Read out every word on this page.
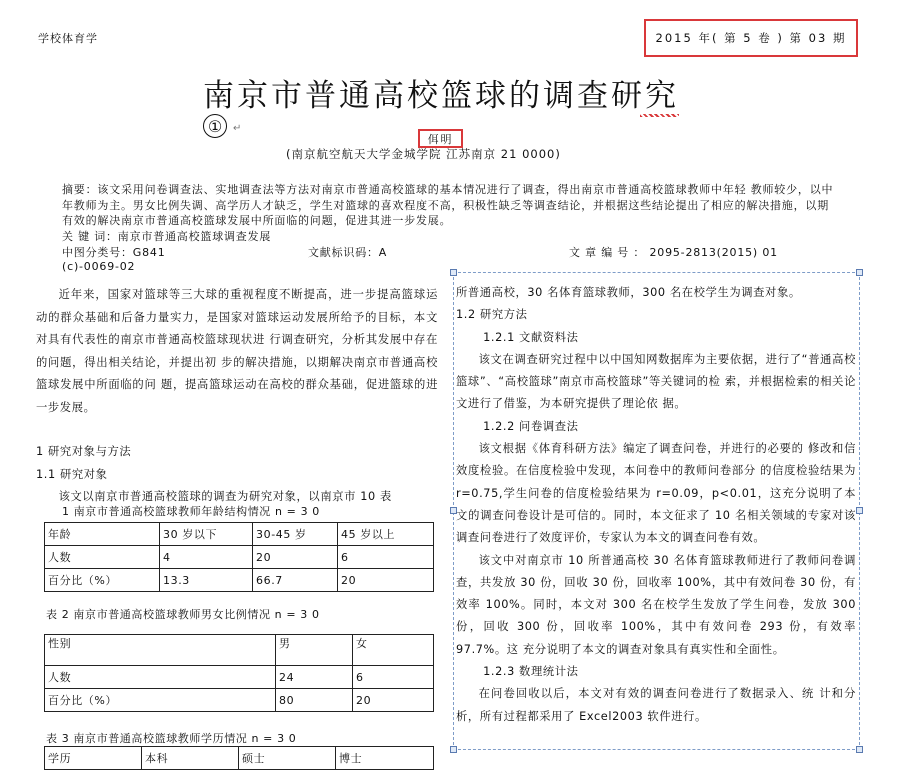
学校体育学	2015 年( 第 5 卷 ) 第 03 期
南京市普通高校篮球的调查研究
①	↵
佴明
(南京航空航天大学金城学院 江苏南京 21 0000)
摘要：该文采用问卷调查法、实地调查法等方法对南京市普通高校篮球的基本情况进行了调查，得出南京市普通高校篮球教师中年轻 教师较少，以中年教师为主。男女比例失调、高学历人才缺乏，学生对篮球的喜欢程度不高，积极性缺乏等调查结论，并根据这些结论提出了相应的解决措施，以期有效的解决南京市普通高校篮球发展中所面临的问题，促进其进一步发展。
关 键 词：南京市普通高校篮球调查发展
中图分类号：G841	文献标识码：A	文 章 编 号 ： 2095-2813(2015) 01
(c)-0069-02

近年来，国家对篮球等三大球的重视程度不断提高，进一步提高篮球运动的群众基础和后备力量实力，是国家对篮球运动发展所给予的目标，本文对具有代表性的南京市普通高校篮球现状进 行调查研究，分析其发展中存在的问题，得出相关结论，并提出初 步的解决措施，以期解决南京市普通高校篮球发展中所面临的问 题，提高篮球运动在高校的群众基础，促进篮球的进一步发展。

1 研究对象与方法

1.1 研究对象

该文以南京市普通高校篮球的调查为研究对象，以南京市 10 表

1 南京市普通高校篮球教师年龄结构情况 n = 3 0
年龄	30 岁以下	30-45 岁	45 岁以上
人数	4	20	6
百分比（%）	13.3	66.7	20
表 2 南京市普通高校篮球教师男女比例情况 n = 3 0
性别	男	女
人数	24	6
百分比（%）	80	20
表 3 南京市普通高校篮球教师学历情况 n = 3 0
学历	本科	硕士	博士

所普通高校，30 名体育篮球教师，300 名在校学生为调查对象。

1.2 研究方法

1.2.1 文献资料法

该文在调查研究过程中以中国知网数据库为主要依据，进行了“普通高校篮球”、“高校篮球”南京市高校篮球”等关键词的检 索，并根据检索的相关论文进行了借鉴，为本研究提供了理论依 据。

1.2.2 问卷调查法

该文根据《体育科研方法》编定了调查问卷，并进行的必要的 修改和信效度检验。在信度检验中发现，本问卷中的教师问卷部分 的信度检验结果为 r=0.75,学生问卷的信度检验结果为 r=0.09，p<0.01，这充分说明了本文的调查问卷设计是可信的。同时，本文征求了 10 名相关领域的专家对该调查问卷进行了效度评价，专家认为本文的调查问卷有效。

该文中对南京市 10 所普通高校 30 名体育篮球教师进行了教师问卷调查，共发放 30 份，回收 30 份，回收率 100%，其中有效问卷 30 份，有效率 100%。同时，本文对 300 名在校学生发放了学生问卷，发放 300 份，回收 300 份，回收率 100%，其中有效问卷 293 份，有效率 97.7%。这 充分说明了本文的调查对象具有真实性和全面性。

1.2.3 数理统计法

在问卷回收以后，本文对有效的调查问卷进行了数据录入、统 计和分析，所有过程都采用了 Excel2003 软件进行。
